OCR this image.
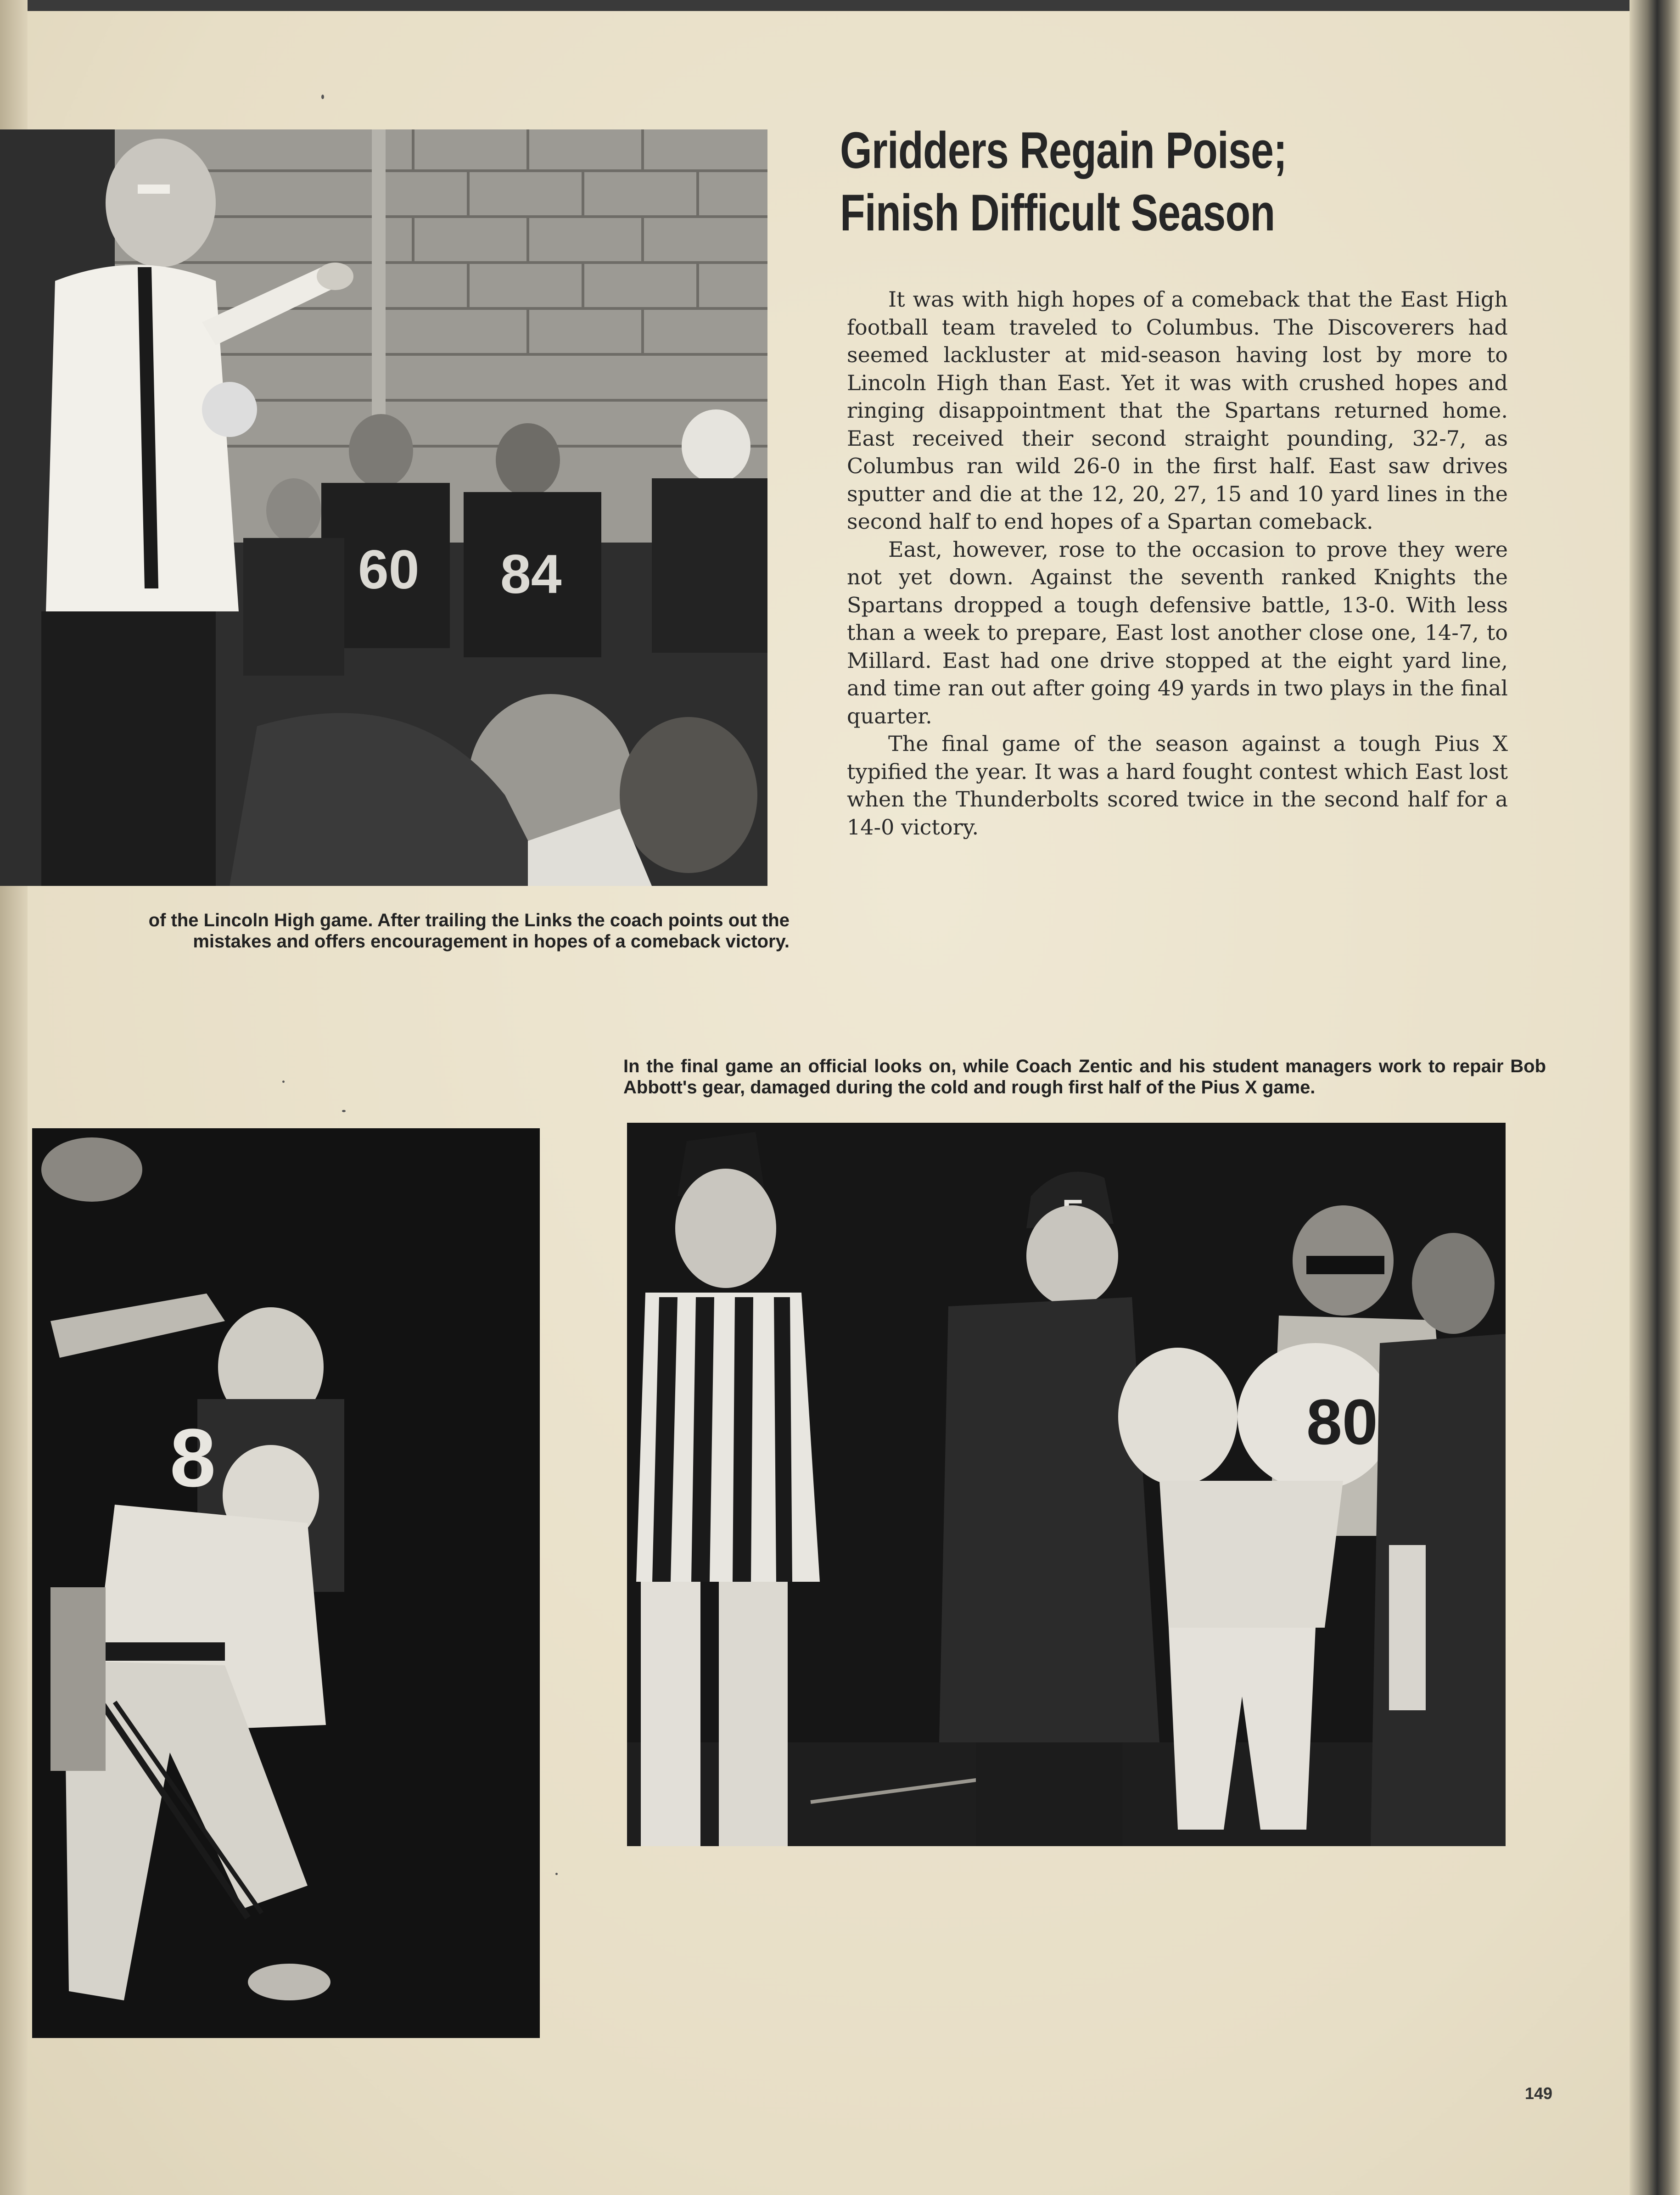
60 84
Gridders Regain Poise;
Finish Difficult Season

It was with high hopes of a comeback that the East High football team traveled to Columbus. The Discoverers had seemed lackluster at mid-season having lost by more to Lincoln High than East. Yet it was with crushed hopes and ringing disappointment that the Spartans returned home. East received their second straight pounding, 32-7, as Columbus ran wild 26-0 in the first half. East saw drives sputter and die at the 12, 20, 27, 15 and 10 yard lines in the second half to end hopes of a Spartan comeback.

East, however, rose to the occasion to prove they were not yet down. Against the seventh ranked Knights the Spartans dropped a tough defensive battle, 13-0. With less than a week to prepare, East lost another close one, 14-7, to Millard. East had one drive stopped at the eight yard line, and time ran out after going 49 yards in two plays in the final quarter.

The final game of the season against a tough Pius X typified the year. It was a hard fought contest which East lost when the Thunderbolts scored twice in the second half for a 14-0 victory.

of the Lincoln High game. After trailing the Links the coach points out the mistakes and offers encouragement in hopes of a comeback victory.
In the final game an official looks on, while Coach Zentic and his student managers work to repair Bob Abbott's gear, damaged during the cold and rough first half of the Pius X game.
8	80
149
